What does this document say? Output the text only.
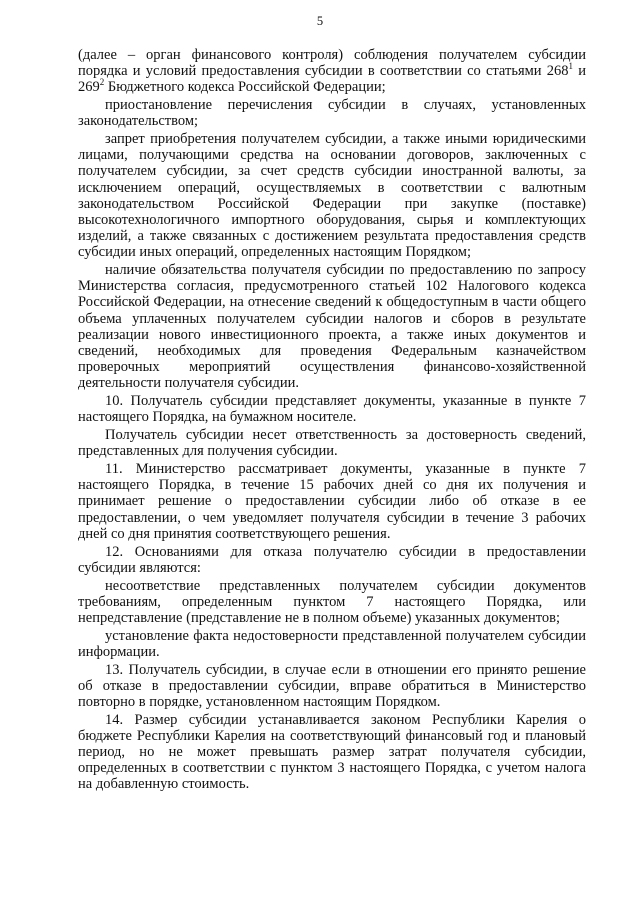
5

(далее – орган финансового контроля) соблюдения получателем субсидии порядка и условий предоставления субсидии в соответствии со статьями $268^1$ и $269^2$ Бюджетного кодекса Российской Федерации;

приостановление перечисления субсидии в случаях, установленных законодательством;

запрет приобретения получателем субсидии, а также иными юридическими лицами, получающими средства на основании договоров, заключенных с получателем субсидии, за счет средств субсидии иностранной валюты, за исключением операций, осуществляемых в соответствии с валютным законодательством Российской Федерации при закупке (поставке) высокотехнологичного импортного оборудования, сырья и комплектующих изделий, а также связанных с достижением результата предоставления средств субсидии иных операций, определенных настоящим Порядком;

наличие обязательства получателя субсидии по предоставлению по запросу Министерства согласия, предусмотренного статьей 102 Налогового кодекса Российской Федерации, на отнесение сведений к общедоступным в части общего объема уплаченных получателем субсидии налогов и сборов в результате реализации нового инвестиционного проекта, а также иных документов и сведений, необходимых для проведения Федеральным казначейством проверочных мероприятий осуществления финансово-хозяйственной деятельности получателя субсидии.

10. Получатель субсидии представляет документы, указанные в пункте 7 настоящего Порядка, на бумажном носителе.

Получатель субсидии несет ответственность за достоверность сведений, представленных для получения субсидии.

11. Министерство рассматривает документы, указанные в пункте 7 настоящего Порядка, в течение 15 рабочих дней со дня их получения и принимает решение о предоставлении субсидии либо об отказе в ее предоставлении, о чем уведомляет получателя субсидии в течение 3 рабочих дней со дня принятия соответствующего решения.

12. Основаниями для отказа получателю субсидии в предоставлении субсидии являются:

несоответствие представленных получателем субсидии документов требованиям, определенным пунктом 7 настоящего Порядка, или непредставление (представление не в полном объеме) указанных документов;

установление факта недостоверности представленной получателем субсидии информации.

13. Получатель субсидии, в случае если в отношении его принято решение об отказе в предоставлении субсидии, вправе обратиться в Министерство повторно в порядке, установленном настоящим Порядком.

14. Размер субсидии устанавливается законом Республики Карелия о бюджете Республики Карелия на соответствующий финансовый год и плановый период, но не может превышать размер затрат получателя субсидии, определенных в соответствии с пунктом 3 настоящего Порядка, с учетом налога на добавленную стоимость.
